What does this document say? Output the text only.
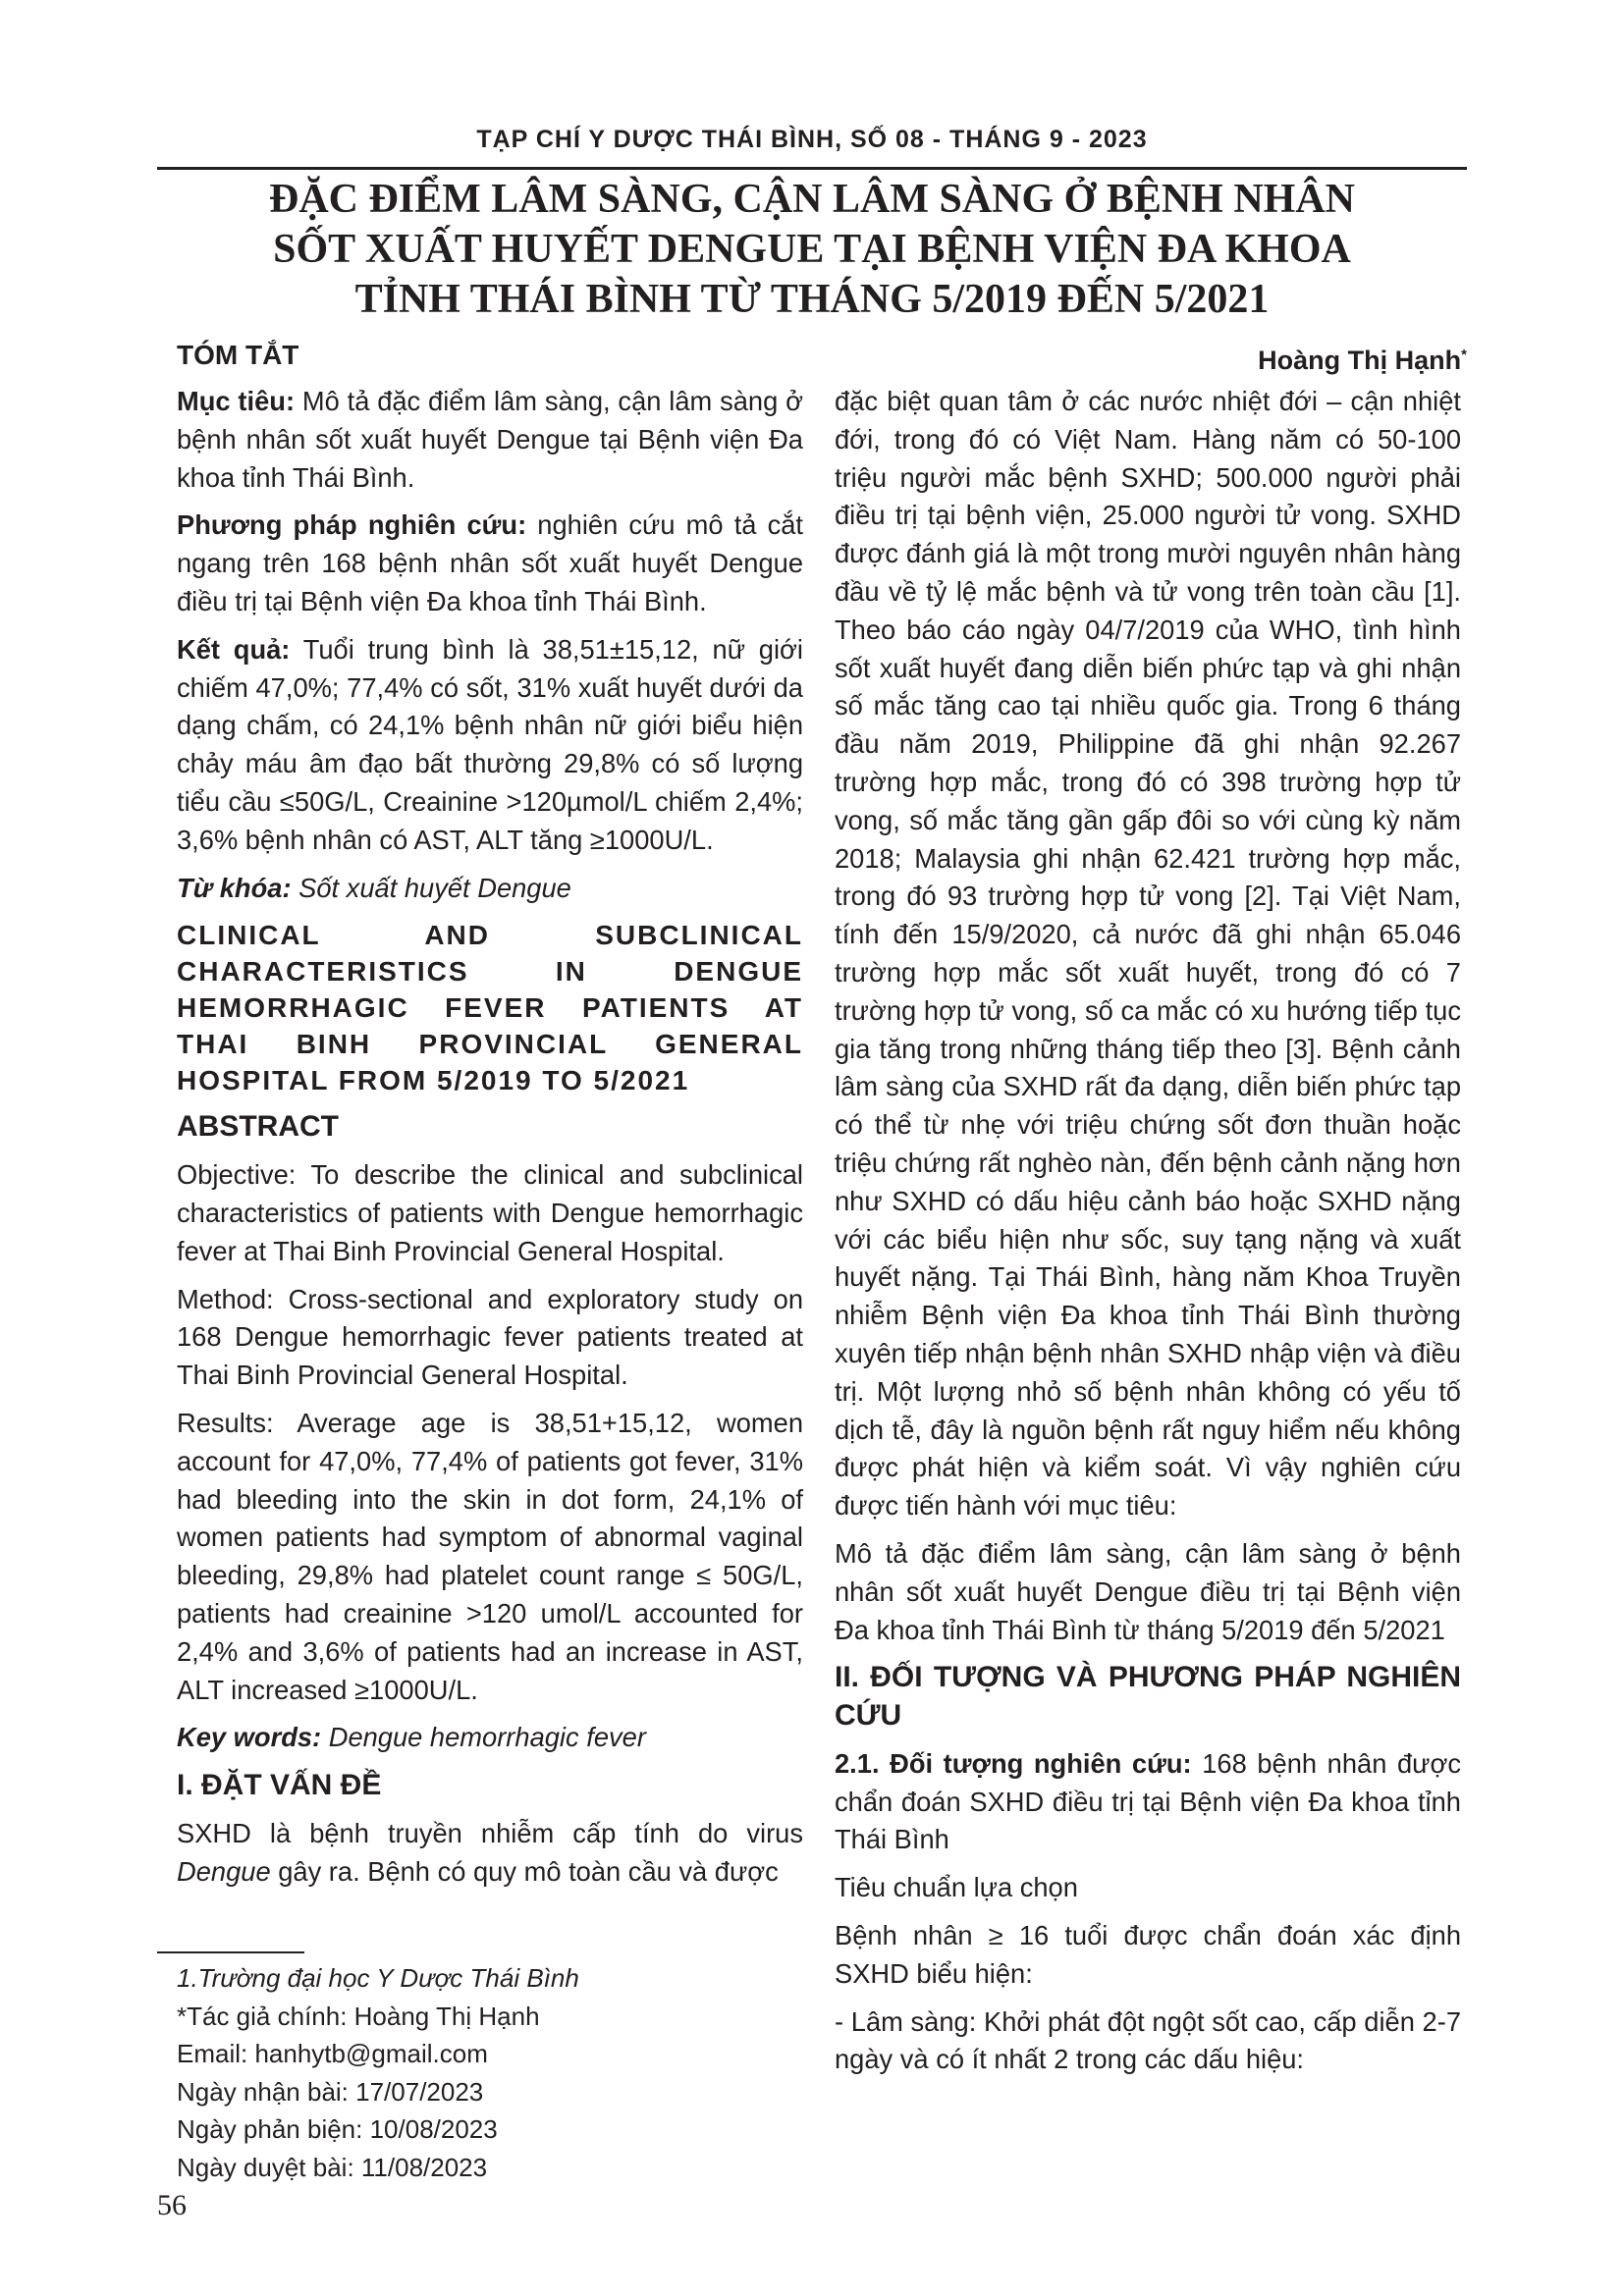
TẠP CHÍ Y DƯỢC THÁI BÌNH, SỐ 08 - THÁNG 9 - 2023
ĐẶC ĐIỂM LÂM SÀNG, CẬN LÂM SÀNG Ở BỆNH NHÂN
SỐT XUẤT HUYẾT DENGUE TẠI BỆNH VIỆN ĐA KHOA
TỈNH THÁI BÌNH TỪ THÁNG 5/2019 ĐẾN 5/2021
TÓM TẮT	Hoàng Thị Hạnh*

Mục tiêu: Mô tả đặc điểm lâm sàng, cận lâm sàng ở bệnh nhân sốt xuất huyết Dengue tại Bệnh viện Đa khoa tỉnh Thái Bình.

Phương pháp nghiên cứu: nghiên cứu mô tả cắt ngang trên 168 bệnh nhân sốt xuất huyết Dengue điều trị tại Bệnh viện Đa khoa tỉnh Thái Bình.

Kết quả: Tuổi trung bình là 38,51±15,12, nữ giới chiếm 47,0%; 77,4% có sốt, 31% xuất huyết dưới da dạng chấm, có 24,1% bệnh nhân nữ giới biểu hiện chảy máu âm đạo bất thường 29,8% có số lượng tiểu cầu ≤50G/L, Creainine >120µmol/L chiếm 2,4%; 3,6% bệnh nhân có AST, ALT tăng ≥1000U/L.

Từ khóa: Sốt xuất huyết Dengue

CLINICAL AND SUBCLINICAL CHARACTERISTICS IN DENGUE HEMORRHAGIC FEVER PATIENTS AT THAI BINH PROVINCIAL GENERAL HOSPITAL FROM 5/2019 TO 5/2021

ABSTRACT

Objective: To describe the clinical and subclinical characteristics of patients with Dengue hemorrhagic fever at Thai Binh Provincial General Hospital.

Method: Cross-sectional and exploratory study on 168 Dengue hemorrhagic fever patients treated at Thai Binh Provincial General Hospital.

Results: Average age is 38,51+15,12, women account for 47,0%, 77,4% of patients got fever, 31% had bleeding into the skin in dot form, 24,1% of women patients had symptom of abnormal vaginal bleeding, 29,8% had platelet count range ≤ 50G/L, patients had creainine >120 umol/L accounted for 2,4% and 3,6% of patients had an increase in AST, ALT increased ≥1000U/L.

Key words: Dengue hemorrhagic fever

I. ĐẶT VẤN ĐỀ

SXHD là bệnh truyền nhiễm cấp tính do virus Dengue gây ra. Bệnh có quy mô toàn cầu và được

1.Trường đại học Y Dược Thái Bình
*Tác giả chính: Hoàng Thị Hạnh
Email: hanhytb@gmail.com
Ngày nhận bài: 17/07/2023
Ngày phản biện: 10/08/2023
Ngày duyệt bài: 11/08/2023

đặc biệt quan tâm ở các nước nhiệt đới – cận nhiệt đới, trong đó có Việt Nam. Hàng năm có 50-100 triệu người mắc bệnh SXHD; 500.000 người phải điều trị tại bệnh viện, 25.000 người tử vong. SXHD được đánh giá là một trong mười nguyên nhân hàng đầu về tỷ lệ mắc bệnh và tử vong trên toàn cầu [1]. Theo báo cáo ngày 04/7/2019 của WHO, tình hình sốt xuất huyết đang diễn biến phức tạp và ghi nhận số mắc tăng cao tại nhiều quốc gia. Trong 6 tháng đầu năm 2019, Philippine đã ghi nhận 92.267 trường hợp mắc, trong đó có 398 trường hợp tử vong, số mắc tăng gần gấp đôi so với cùng kỳ năm 2018; Malaysia ghi nhận 62.421 trường hợp mắc, trong đó 93 trường hợp tử vong [2]. Tại Việt Nam, tính đến 15/9/2020, cả nước đã ghi nhận 65.046 trường hợp mắc sốt xuất huyết, trong đó có 7 trường hợp tử vong, số ca mắc có xu hướng tiếp tục gia tăng trong những tháng tiếp theo [3]. Bệnh cảnh lâm sàng của SXHD rất đa dạng, diễn biến phức tạp có thể từ nhẹ với triệu chứng sốt đơn thuần hoặc triệu chứng rất nghèo nàn, đến bệnh cảnh nặng hơn như SXHD có dấu hiệu cảnh báo hoặc SXHD nặng với các biểu hiện như sốc, suy tạng nặng và xuất huyết nặng. Tại Thái Bình, hàng năm Khoa Truyền nhiễm Bệnh viện Đa khoa tỉnh Thái Bình thường xuyên tiếp nhận bệnh nhân SXHD nhập viện và điều trị. Một lượng nhỏ số bệnh nhân không có yếu tố dịch tễ, đây là nguồn bệnh rất nguy hiểm nếu không được phát hiện và kiểm soát. Vì vậy nghiên cứu được tiến hành với mục tiêu:

Mô tả đặc điểm lâm sàng, cận lâm sàng ở bệnh nhân sốt xuất huyết Dengue điều trị tại Bệnh viện Đa khoa tỉnh Thái Bình từ tháng 5/2019 đến 5/2021

II. ĐỐI TƯỢNG VÀ PHƯƠNG PHÁP NGHIÊN CỨU

2.1. Đối tượng nghiên cứu: 168 bệnh nhân được chẩn đoán SXHD điều trị tại Bệnh viện Đa khoa tỉnh Thái Bình

Tiêu chuẩn lựa chọn

Bệnh nhân ≥ 16 tuổi được chẩn đoán xác định SXHD biểu hiện:

- Lâm sàng: Khởi phát đột ngột sốt cao, cấp diễn 2-7 ngày và có ít nhất 2 trong các dấu hiệu:

56
